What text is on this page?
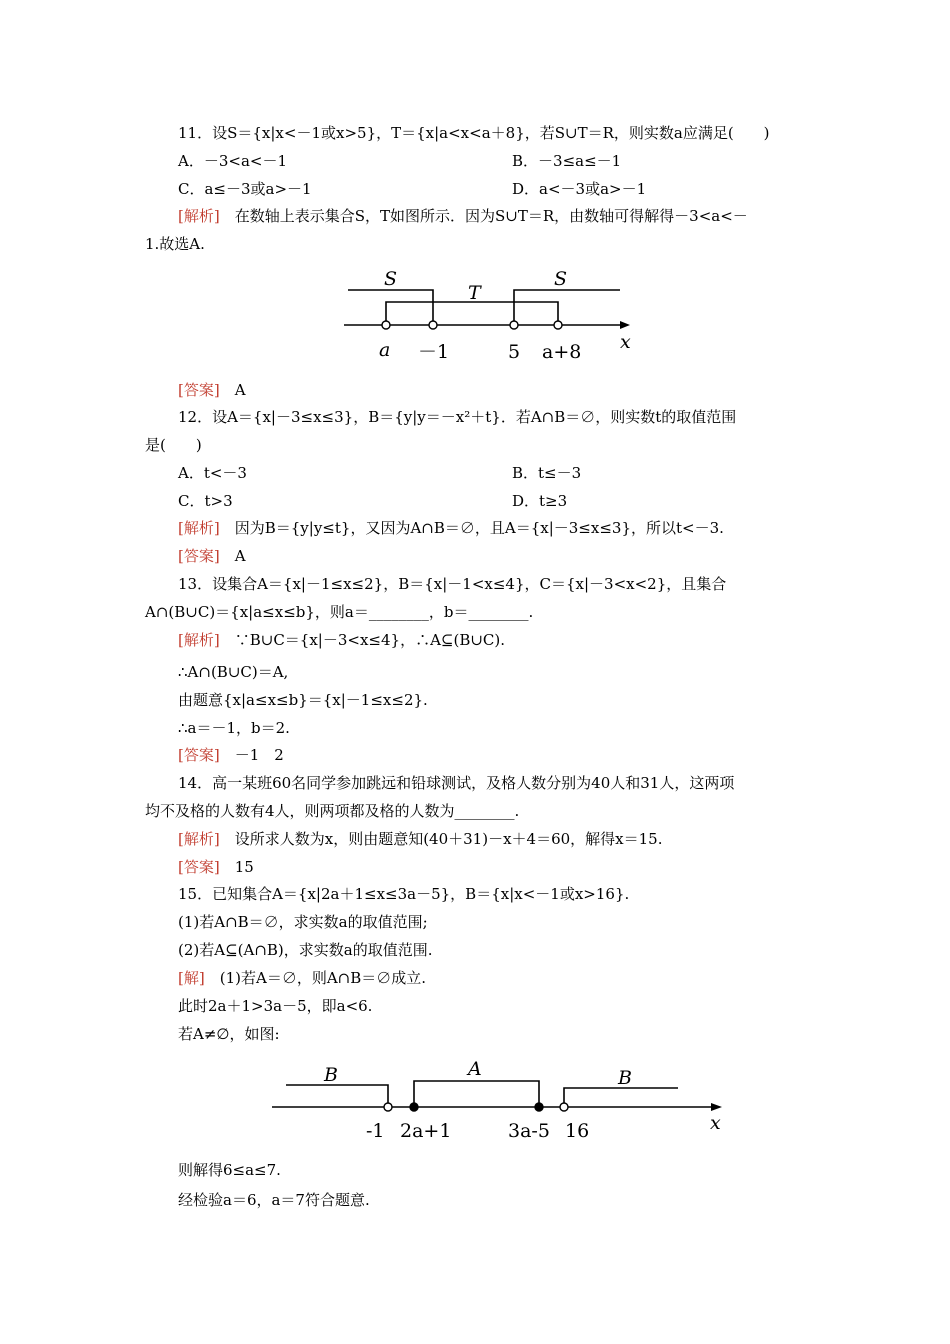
11．设S＝{x|x<－1或x>5}，T＝{x|a<x<a＋8}，若S∪T＝R，则实数a应满足(　　)
A．－3<a<－1	B．－3≤a≤－1
C．a≤－3或a>－1	D．a<－3或a>－1
[解析]　 在数轴上表示集合S，T如图所示．因为S∪T＝R，由数轴可得解得－3<a<－
1.故选A.
S
T
S
a －1	5 a+8 x
[答案]　 A
12．设A＝{x|－3≤x≤3}，B＝{y|y＝－x²＋t}．若A∩B＝∅，则实数t的取值范围
是(　　)
A．t<－3	B．t≤－3
C．t>3	D．t≥3
[解析]　 因为B＝{y|y≤t}，又因为A∩B＝∅，且A＝{x|－3≤x≤3}，所以t<－3.
[答案]　 A
13．设集合A＝{x|－1≤x≤2}，B＝{x|－1<x≤4}，C＝{x|－3<x<2}，且集合
A∩(B∪C)＝{x|a≤x≤b}，则a＝________，b＝________.
[解析]　 ∵B∪C＝{x|－3<x≤4}，∴A⊆(B∪C).
∴A∩(B∪C)＝A,
由题意{x|a≤x≤b}＝{x|－1≤x≤2}.
∴a＝－1，b＝2.
[答案]　 －1　2
14．高一某班60名同学参加跳远和铅球测试，及格人数分别为40人和31人，这两项
均不及格的人数有4人，则两项都及格的人数为________.
[解析]　 设所求人数为x，则由题意知(40＋31)－x＋4＝60，解得x＝15.
[答案]　 15
15．已知集合A＝{x|2a＋1≤x≤3a－5}，B＝{x|x<－1或x>16}.
(1)若A∩B＝∅，求实数a的取值范围;
(2)若A⊆(A∩B)，求实数a的取值范围.
[解]　 (1)若A＝∅，则A∩B＝∅成立.
此时2a＋1>3a－5，即a<6.
若A≠∅，如图:
B	A	B
-1 2a+1	3a-5 16	x
则解得6≤a≤7.
经检验a＝6，a＝7符合题意.
